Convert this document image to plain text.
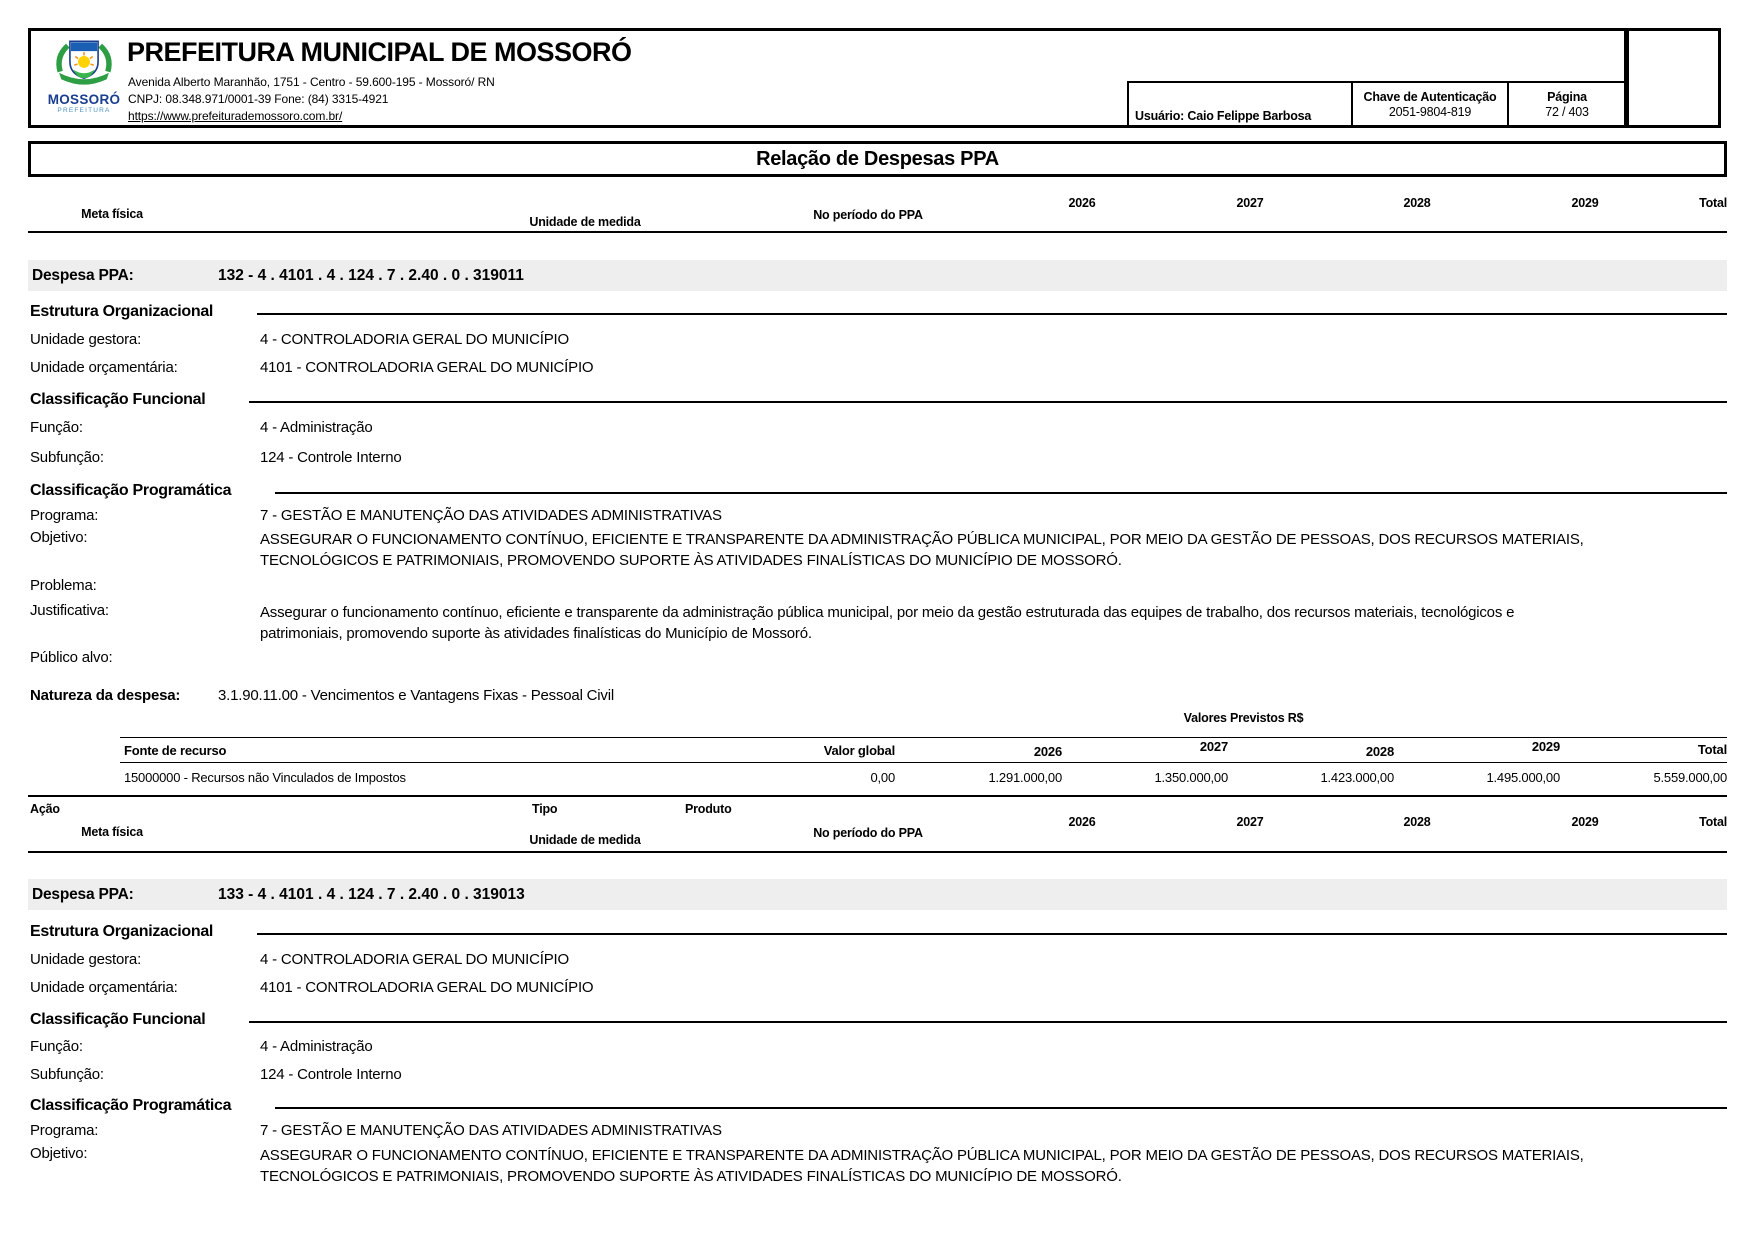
MOSSORÓ
PREFEITURA
PREFEITURA MUNICIPAL DE MOSSORÓ
Avenida Alberto Maranhão, 1751 - Centro - 59.600-195 - Mossoró/ RN
CNPJ: 08.348.971/0001-39 Fone: (84) 3315-4921
https://www.prefeiturademossoro.com.br/	Usuário: Caio Felippe Barbosa
Chave de Autenticação
2051-9804-819
Página
72 / 403
Relação de Despesas PPA
2026	2027	2028	2029	Total
Meta física
Unidade de medida	No período do PPA
Despesa PPA:	132 - 4 . 4101 . 4 . 124 . 7 . 2.40 . 0 . 319011
Estrutura Organizacional
Unidade gestora:	4 - CONTROLADORIA GERAL DO MUNICÍPIO
Unidade orçamentária:	4101 - CONTROLADORIA GERAL DO MUNICÍPIO
Classificação Funcional
Função:	4 - Administração
Subfunção:	124 - Controle Interno
Classificação Programática
Programa:	7 - GESTÃO E MANUTENÇÃO DAS ATIVIDADES ADMINISTRATIVAS
Objetivo:	ASSEGURAR O FUNCIONAMENTO CONTÍNUO, EFICIENTE E TRANSPARENTE DA ADMINISTRAÇÃO PÚBLICA MUNICIPAL, POR MEIO DA GESTÃO DE PESSOAS, DOS RECURSOS MATERIAIS,
TECNOLÓGICOS E PATRIMONIAIS, PROMOVENDO SUPORTE ÀS ATIVIDADES FINALÍSTICAS DO MUNICÍPIO DE MOSSORÓ.
Problema:
Justificativa:	Assegurar o funcionamento contínuo, eficiente e transparente da administração pública municipal, por meio da gestão estruturada das equipes de trabalho, dos recursos materiais, tecnológicos e
patrimoniais, promovendo suporte às atividades finalísticas do Município de Mossoró.
Público alvo:
Natureza da despesa:	3.1.90.11.00 - Vencimentos e Vantagens Fixas - Pessoal Civil
Valores Previstos R$
Fonte de recurso	Valor global	2026	2027	2028	2029	Total
15000000 - Recursos não Vinculados de Impostos	0,00	1.291.000,00	1.350.000,00	1.423.000,00	1.495.000,00	5.559.000,00
Ação	Tipo	Produto
2026	2027	2028	2029	Total
Meta física
Unidade de medida	No período do PPA
Despesa PPA:	133 - 4 . 4101 . 4 . 124 . 7 . 2.40 . 0 . 319013
Estrutura Organizacional
Unidade gestora:	4 - CONTROLADORIA GERAL DO MUNICÍPIO
Unidade orçamentária:	4101 - CONTROLADORIA GERAL DO MUNICÍPIO
Classificação Funcional
Função:	4 - Administração
Subfunção:	124 - Controle Interno
Classificação Programática
Programa:	7 - GESTÃO E MANUTENÇÃO DAS ATIVIDADES ADMINISTRATIVAS
Objetivo:	ASSEGURAR O FUNCIONAMENTO CONTÍNUO, EFICIENTE E TRANSPARENTE DA ADMINISTRAÇÃO PÚBLICA MUNICIPAL, POR MEIO DA GESTÃO DE PESSOAS, DOS RECURSOS MATERIAIS,
TECNOLÓGICOS E PATRIMONIAIS, PROMOVENDO SUPORTE ÀS ATIVIDADES FINALÍSTICAS DO MUNICÍPIO DE MOSSORÓ.
